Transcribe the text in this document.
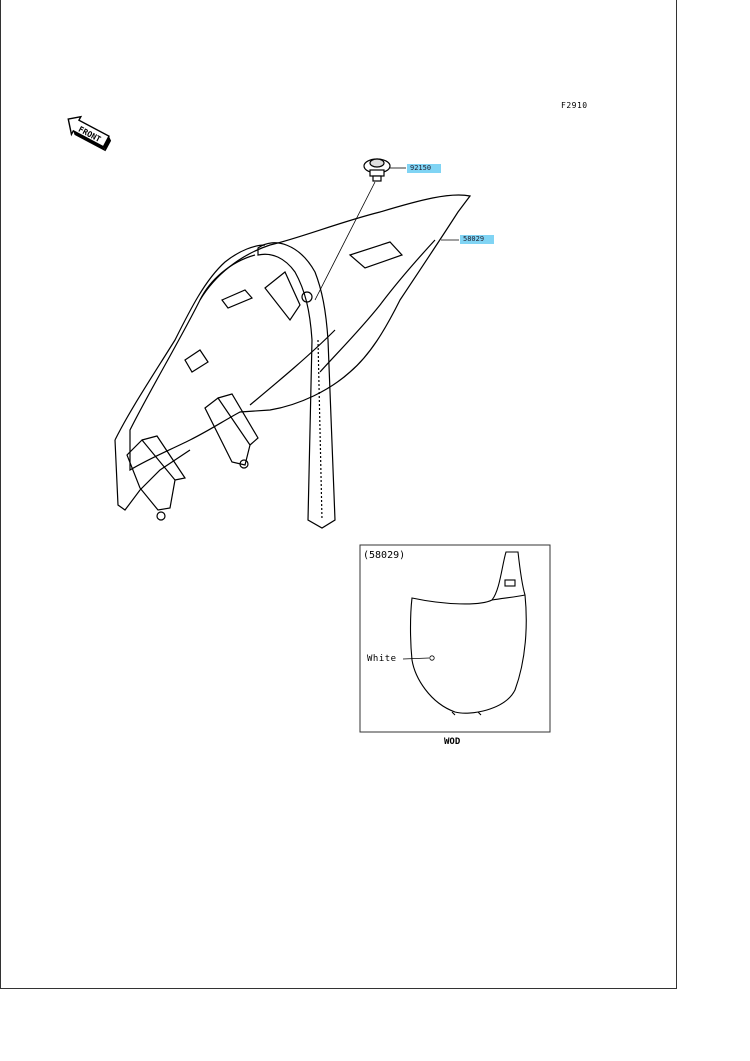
F2910
FRONT
92150
58029
(58029)
White
WOD
